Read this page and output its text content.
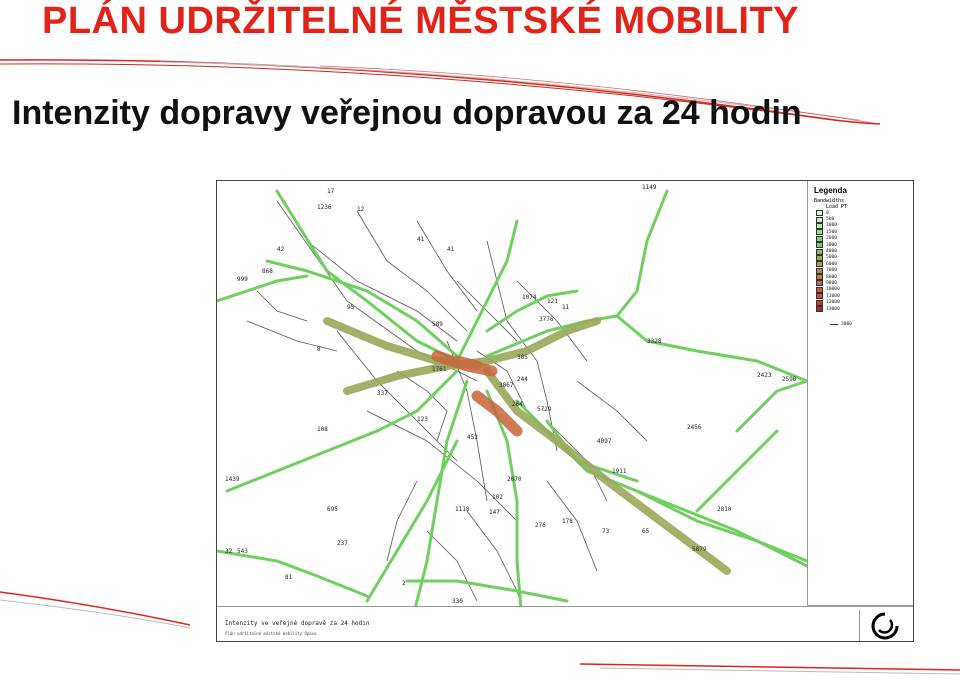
PLÁN UDRŽITELNÉ MĚSTSKÉ MOBILITY
Intenzity dopravy veřejnou dopravou za 24 hodin
41
41
17
1236	12
42
121
1074
3776
11
3328
2423
2590
305
3067
2456
4097
1911
2810
1761
5879
2070
1118	147
102
276
178
73	65
237
32 543
81
330
1439
123
452
108
695
8
999
868
337
264
1149
2
5729
244
589
95
Legenda
Bandwidths
Load PT
0
500
1000
1500
2000
3000
4000
5000
6000
7000
8000
9000
10000
11000
12000
13000
3000
Intenzity ve veřejné dopravě za 24 hodin
Plán udržitelné městské mobility Opava
